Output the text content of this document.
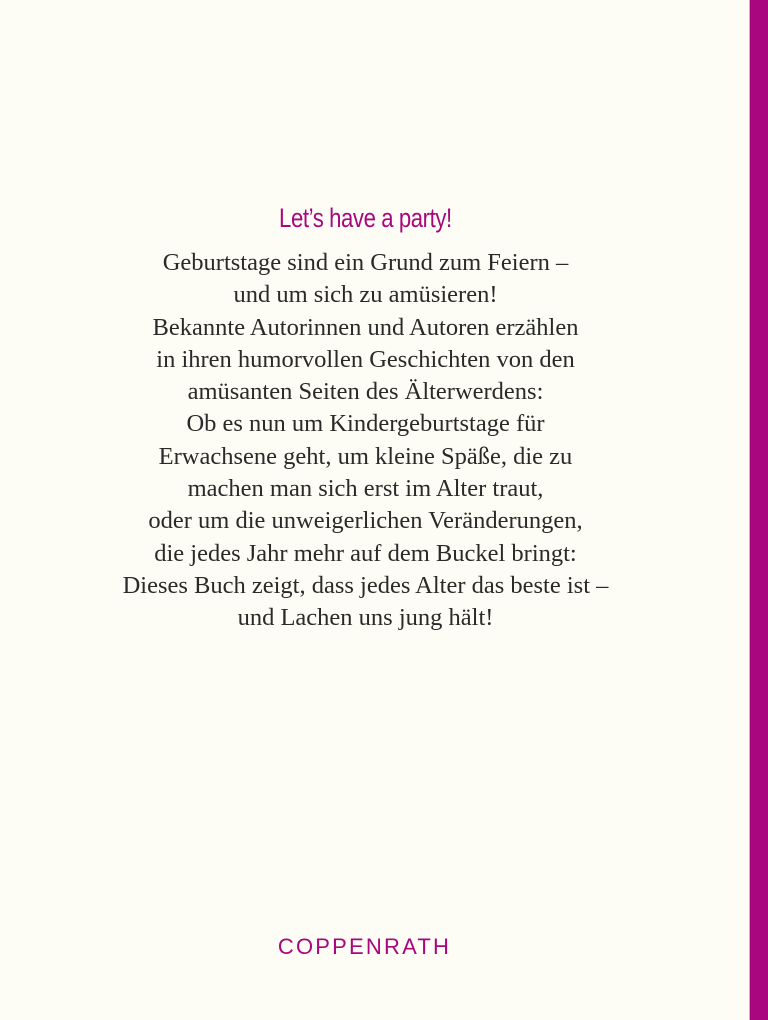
Let’s have a party!
Geburtstage sind ein Grund zum Feiern –
und um sich zu amüsieren!
Bekannte Autorinnen und Autoren erzählen
in ihren humorvollen Geschichten von den
amüsanten Seiten des Älterwerdens:
Ob es nun um Kindergeburtstage für
Erwachsene geht, um kleine Späße, die zu
machen man sich erst im Alter traut,
oder um die unweigerlichen Veränderungen,
die jedes Jahr mehr auf dem Buckel bringt:
Dieses Buch zeigt, dass jedes Alter das beste ist –
und Lachen uns jung hält!
COPPENRATH
